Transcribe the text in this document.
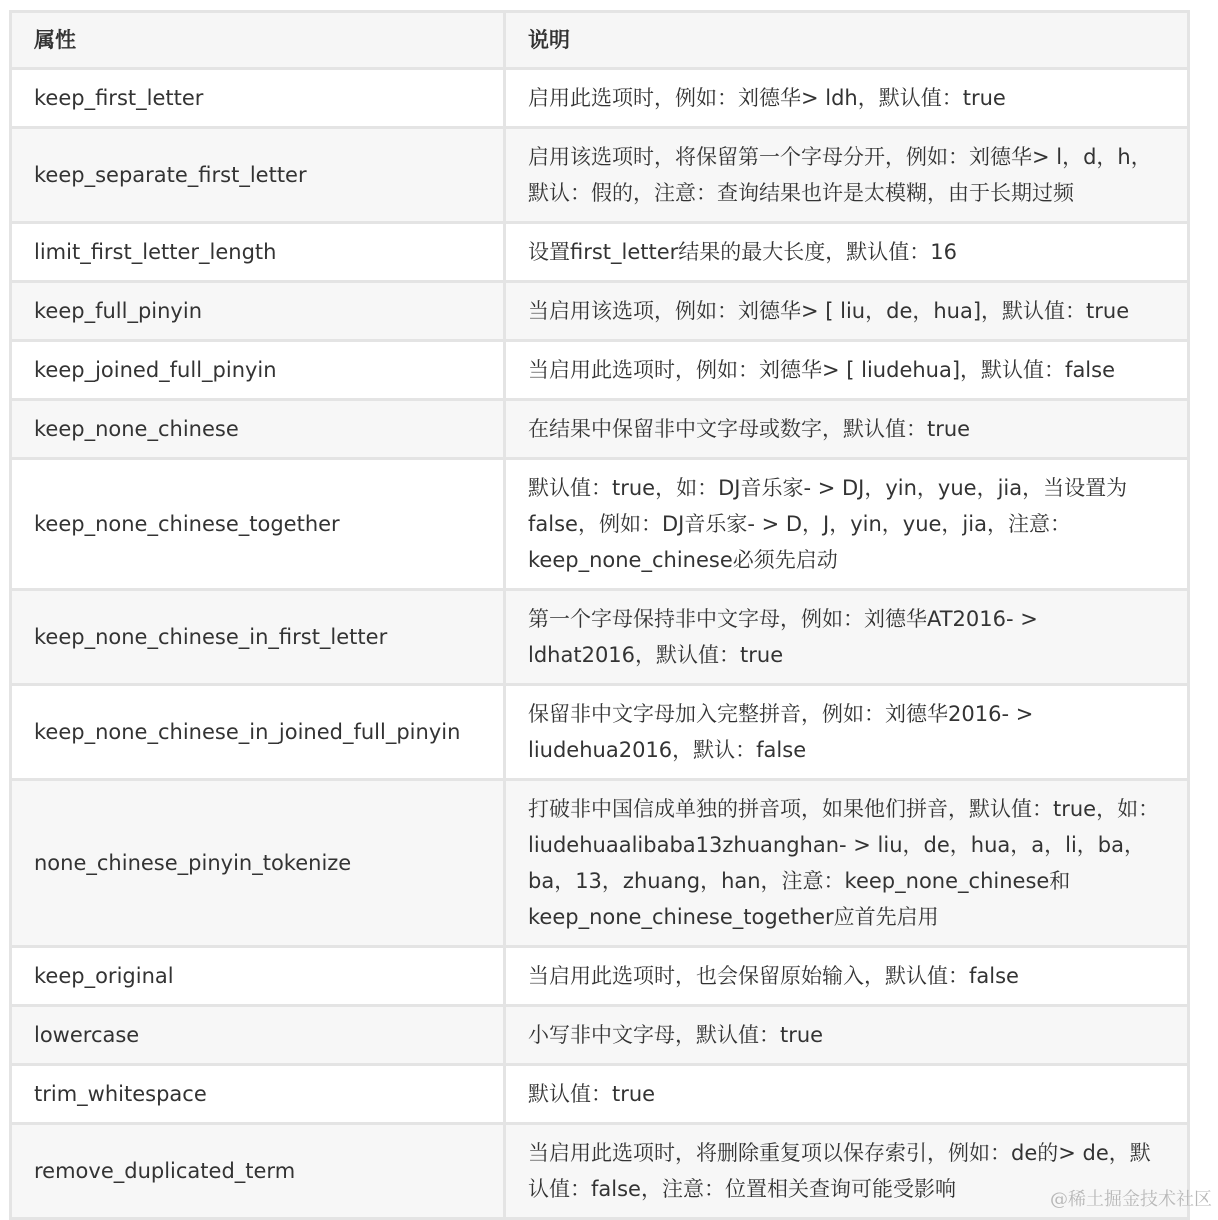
属性	说明
keep_first_letter	启用此选项时，例如：刘德华> ldh，默认值：true
keep_separate_first_letter	启用该选项时，将保留第一个字母分开，例如：刘德华> l，d，h，默认：假的，注意：查询结果也许是太模糊，由于长期过频
limit_first_letter_length	设置first_letter结果的最大长度，默认值：16
keep_full_pinyin	当启用该选项，例如：刘德华> [ liu，de，hua]，默认值：true
keep_joined_full_pinyin	当启用此选项时，例如：刘德华> [ liudehua]，默认值：false
keep_none_chinese	在结果中保留非中文字母或数字，默认值：true
keep_none_chinese_together	默认值：true，如：DJ音乐家- > DJ，yin，yue，jia，当设置为false，例如：DJ音乐家- > D，J，yin，yue，jia，注意：keep_none_chinese必须先启动
keep_none_chinese_in_first_letter	第一个字母保持非中文字母，例如：刘德华AT2016- > ldhat2016，默认值：true
keep_none_chinese_in_joined_full_pinyin	保留非中文字母加入完整拼音，例如：刘德华2016- > liudehua2016，默认：false
none_chinese_pinyin_tokenize	打破非中国信成单独的拼音项，如果他们拼音，默认值：true，如：liudehuaalibaba13zhuanghan- > liu，de，hua，a，li，ba，ba，13，zhuang，han，注意：keep_none_chinese和keep_none_chinese_together应首先启用
keep_original	当启用此选项时，也会保留原始输入，默认值：false
lowercase	小写非中文字母，默认值：true
trim_whitespace	默认值：true
remove_duplicated_term	当启用此选项时，将删除重复项以保存索引，例如：de的> de，默认值：false，注意：位置相关查询可能受影响	@稀土掘金技术社区
